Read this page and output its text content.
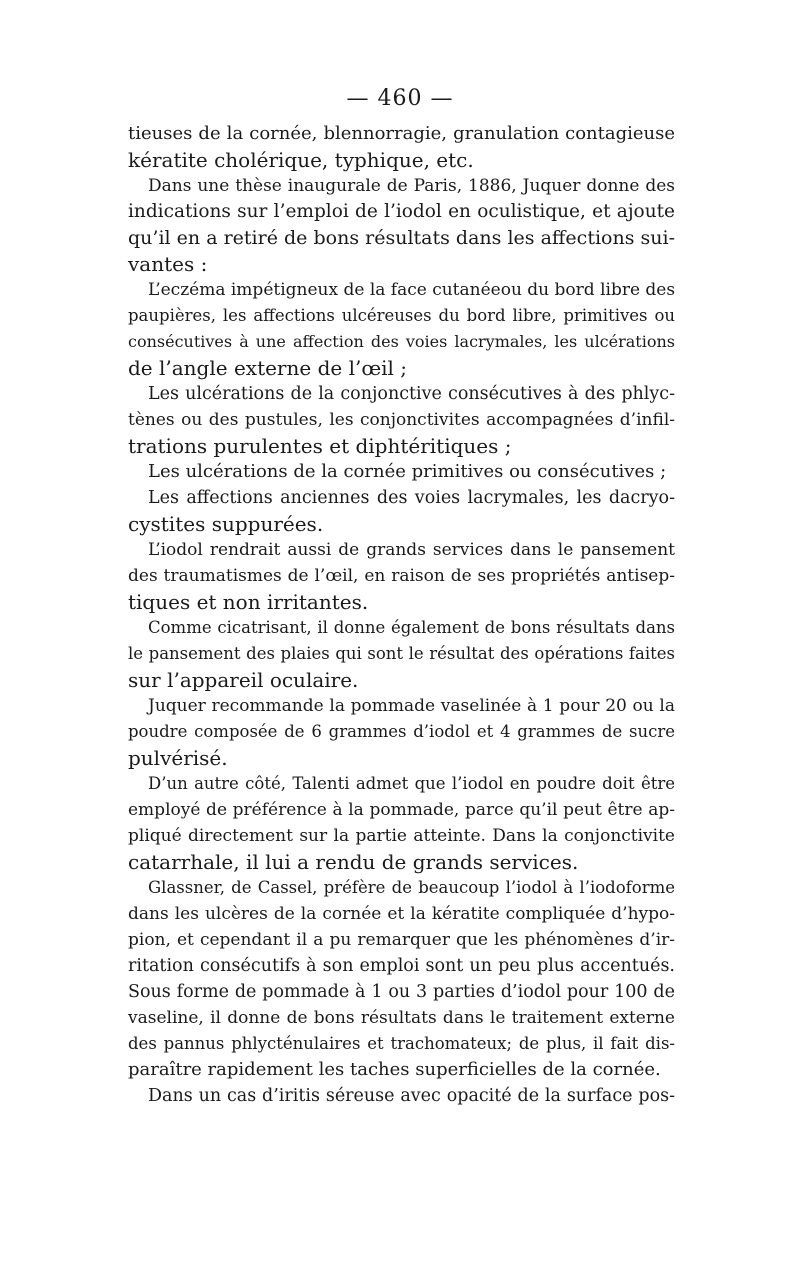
— 460 —
tieuses de la cornée, blennorragie, granulation contagieuse
kératite cholérique, typhique, etc.
Dans une thèse inaugurale de Paris, 1886, Juquer donne des
indications sur l’emploi de l’iodol en oculistique, et ajoute
qu’il en a retiré de bons résultats dans les affections sui-
vantes :
L’eczéma impétigneux de la face cutanéeou du bord libre des
paupières, les affections ulcéreuses du bord libre, primitives ou
consécutives à une affection des voies lacrymales, les ulcérations
de l’angle externe de l’œil ;
Les ulcérations de la conjonctive consécutives à des phlyc-
tènes ou des pustules, les conjonctivites accompagnées d’infil-
trations purulentes et diphtéritiques ;
Les ulcérations de la cornée primitives ou consécutives ;
Les affections anciennes des voies lacrymales, les dacryo-
cystites suppurées.
L’iodol rendrait aussi de grands services dans le pansement
des traumatismes de l’œil, en raison de ses propriétés antisep-
tiques et non irritantes.
Comme cicatrisant, il donne également de bons résultats dans
le pansement des plaies qui sont le résultat des opérations faites
sur l’appareil oculaire.
Juquer recommande la pommade vaselinée à 1 pour 20 ou la
poudre composée de 6 grammes d’iodol et 4 grammes de sucre
pulvérisé.
D’un autre côté, Talenti admet que l’iodol en poudre doit être
employé de préférence à la pommade, parce qu’il peut être ap-
pliqué directement sur la partie atteinte. Dans la conjonctivite
catarrhale, il lui a rendu de grands services.
Glassner, de Cassel, préfère de beaucoup l’iodol à l’iodoforme
dans les ulcères de la cornée et la kératite compliquée d’hypo-
pion, et cependant il a pu remarquer que les phénomènes d’ir-
ritation consécutifs à son emploi sont un peu plus accentués.
Sous forme de pommade à 1 ou 3 parties d’iodol pour 100 de
vaseline, il donne de bons résultats dans le traitement externe
des pannus phlycténulaires et trachomateux; de plus, il fait dis-
paraître rapidement les taches superficielles de la cornée.
Dans un cas d’iritis séreuse avec opacité de la surface pos-
